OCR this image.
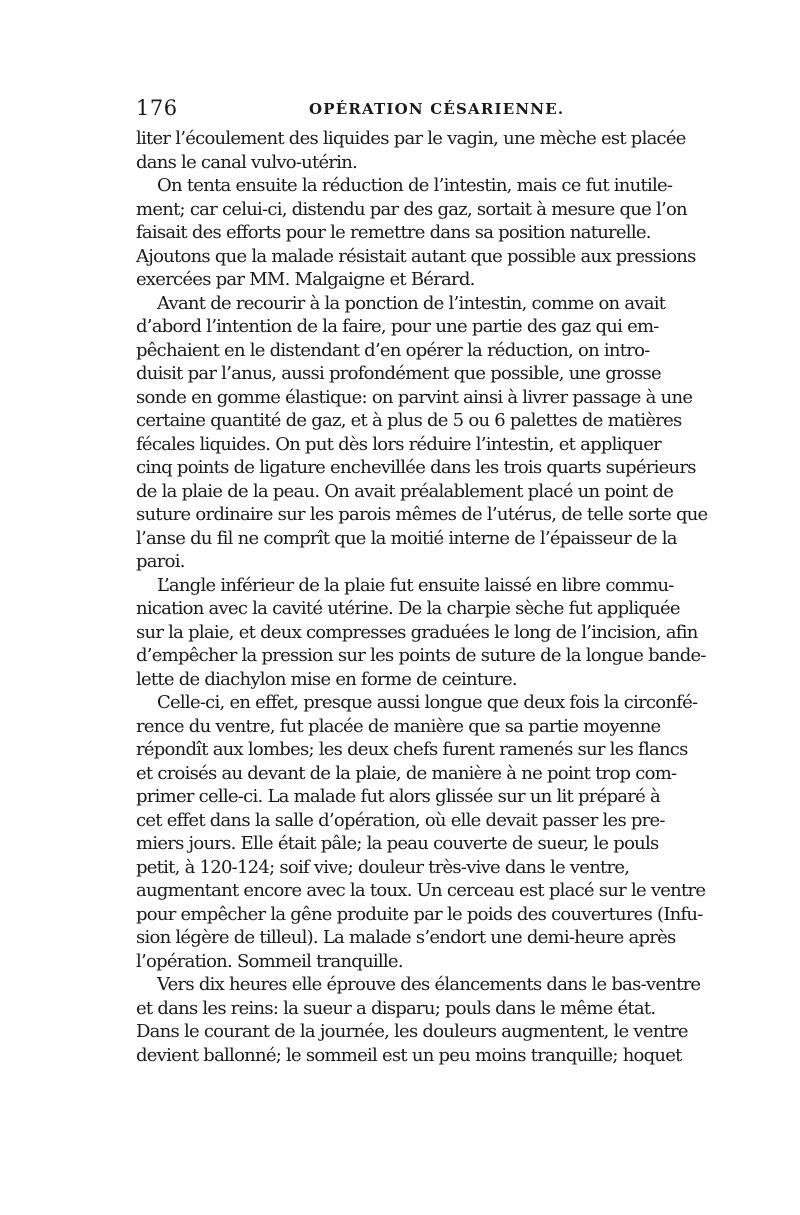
176	OPÉRATION CÉSARIENNE.
liter l’écoulement des liquides par le vagin, une mèche est placée
dans le canal vulvo-utérin.
On tenta ensuite la réduction de l’intestin, mais ce fut inutile-
ment; car celui-ci, distendu par des gaz, sortait à mesure que l’on
faisait des efforts pour le remettre dans sa position naturelle.
Ajoutons que la malade résistait autant que possible aux pressions
exercées par MM. Malgaigne et Bérard.
Avant de recourir à la ponction de l’intestin, comme on avait
d’abord l’intention de la faire, pour une partie des gaz qui em-
pêchaient en le distendant d’en opérer la réduction, on intro-
duisit par l’anus, aussi profondément que possible, une grosse
sonde en gomme élastique: on parvint ainsi à livrer passage à une
certaine quantité de gaz, et à plus de 5 ou 6 palettes de matières
fécales liquides. On put dès lors réduire l’intestin, et appliquer
cinq points de ligature enchevillée dans les trois quarts supérieurs
de la plaie de la peau. On avait préalablement placé un point de
suture ordinaire sur les parois mêmes de l’utérus, de telle sorte que
l’anse du fil ne comprît que la moitié interne de l’épaisseur de la
paroi.
L’angle inférieur de la plaie fut ensuite laissé en libre commu-
nication avec la cavité utérine. De la charpie sèche fut appliquée
sur la plaie, et deux compresses graduées le long de l’incision, afin
d’empêcher la pression sur les points de suture de la longue bande-
lette de diachylon mise en forme de ceinture.
Celle-ci, en effet, presque aussi longue que deux fois la circonfé-
rence du ventre, fut placée de manière que sa partie moyenne
répondît aux lombes; les deux chefs furent ramenés sur les flancs
et croisés au devant de la plaie, de manière à ne point trop com-
primer celle-ci. La malade fut alors glissée sur un lit préparé à
cet effet dans la salle d’opération, où elle devait passer les pre-
miers jours. Elle était pâle; la peau couverte de sueur, le pouls
petit, à 120-124; soif vive; douleur très-vive dans le ventre,
augmentant encore avec la toux. Un cerceau est placé sur le ventre
pour empêcher la gêne produite par le poids des couvertures (Infu-
sion légère de tilleul). La malade s’endort une demi-heure après
l’opération. Sommeil tranquille.
Vers dix heures elle éprouve des élancements dans le bas-ventre
et dans les reins: la sueur a disparu; pouls dans le même état.
Dans le courant de la journée, les douleurs augmentent, le ventre
devient ballonné; le sommeil est un peu moins tranquille; hoquet
